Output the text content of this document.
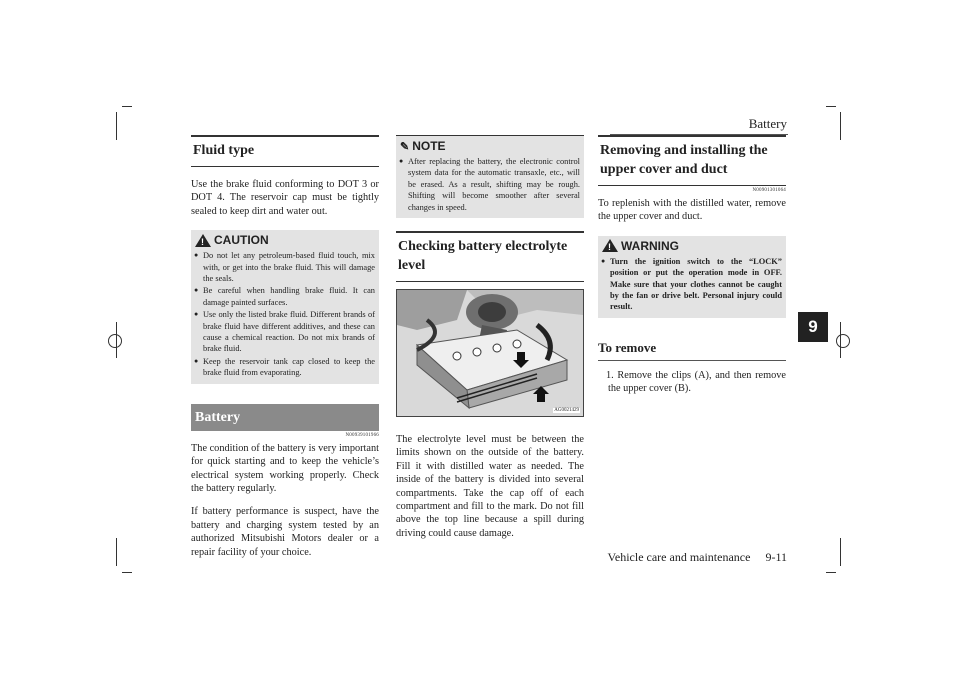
Battery
9
Fluid type

Use the brake fluid conforming to DOT 3 or DOT 4. The reservoir cap must be tightly sealed to keep dirt and water out.

! CAUTION
● Do not let any petroleum-based fluid touch, mix with, or get into the brake fluid. This will damage the seals.
● Be careful when handling brake fluid. It can damage painted surfaces.
● Use only the listed brake fluid. Different brands of brake fluid have different additives, and these can cause a chemical reaction. Do not mix brands of brake fluid.
● Keep the reservoir tank cap closed to keep the brake fluid from evaporating.
Battery
N00939101966

The condition of the battery is very important for quick starting and to keep the vehicle’s electrical system working properly. Check the battery regularly.

If battery performance is suspect, have the battery and charging system tested by an authorized Mitsubishi Motors dealer or a repair facility of your choice.

✎ NOTE
● After replacing the battery, the electronic control system data for the automatic transaxle, etc., will be erased. As a result, shifting may be rough. Shifting will become smoother after several changes in speed.
Checking battery electrolyte level
AG0021429

The electrolyte level must be between the limits shown on the outside of the battery. Fill it with distilled water as needed. The inside of the battery is divided into several compartments. Take the cap off of each compartment and fill to the mark. Do not fill above the top line because a spill during driving could cause damage.

Removing and installing the upper cover and duct
N00901301064

To replenish with the distilled water, remove the upper cover and duct.

! WARNING
● Turn the ignition switch to the “LOCK” position or put the operation mode in OFF. Make sure that your clothes cannot be caught by the fan or drive belt. Personal injury could result.
To remove

1. Remove the clips (A), and then remove the upper cover (B).

Vehicle care and maintenance     9-11
